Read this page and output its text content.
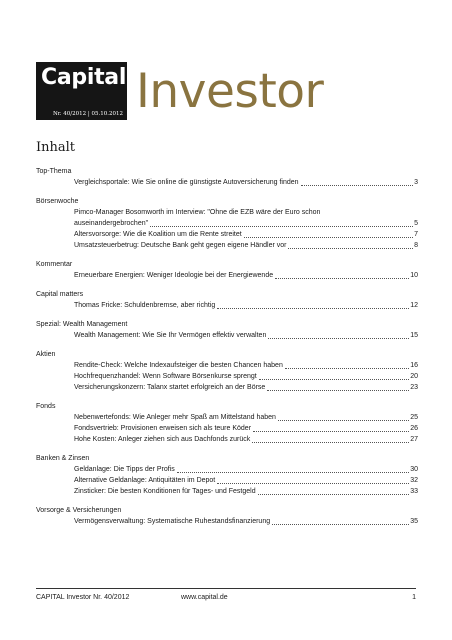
Capital
Nr. 40/2012 | 05.10.2012 Investor
Inhalt
Top-Thema
Vergleichsportale: Wie Sie online die günstigste Autoversicherung finden	3
Börsenwoche
Pimco-Manager Bosomworth im Interview: "Ohne die EZB wäre der Euro schon
auseinandergebrochen"	5
Altersvorsorge: Wie die Koalition um die Rente streitet	7
Umsatzsteuerbetrug: Deutsche Bank geht gegen eigene Händler vor	8
Kommentar
Erneuerbare Energien: Weniger Ideologie bei der Energiewende	10
Capital matters
Thomas Fricke: Schuldenbremse, aber richtig	12
Spezial: Wealth Management
Wealth Management: Wie Sie Ihr Vermögen effektiv verwalten	15
Aktien
Rendite-Check: Welche Indexaufsteiger die besten Chancen haben	16
Hochfrequenzhandel: Wenn Software Börsenkurse sprengt	20
Versicherungskonzern: Talanx startet erfolgreich an der Börse	23
Fonds
Nebenwertefonds: Wie Anleger mehr Spaß am Mittelstand haben	25
Fondsvertrieb: Provisionen erweisen sich als teure Köder	26
Hohe Kosten: Anleger ziehen sich aus Dachfonds zurück	27
Banken & Zinsen
Geldanlage: Die Tipps der Profis	30
Alternative Geldanlage: Antiquitäten im Depot	32
Zinsticker: Die besten Konditionen für Tages- und Festgeld	33
Vorsorge & Versicherungen
Vermögensverwaltung: Systematische Ruhestandsfinanzierung	35
CAPITAL Investor Nr. 40/2012	www.capital.de	1
